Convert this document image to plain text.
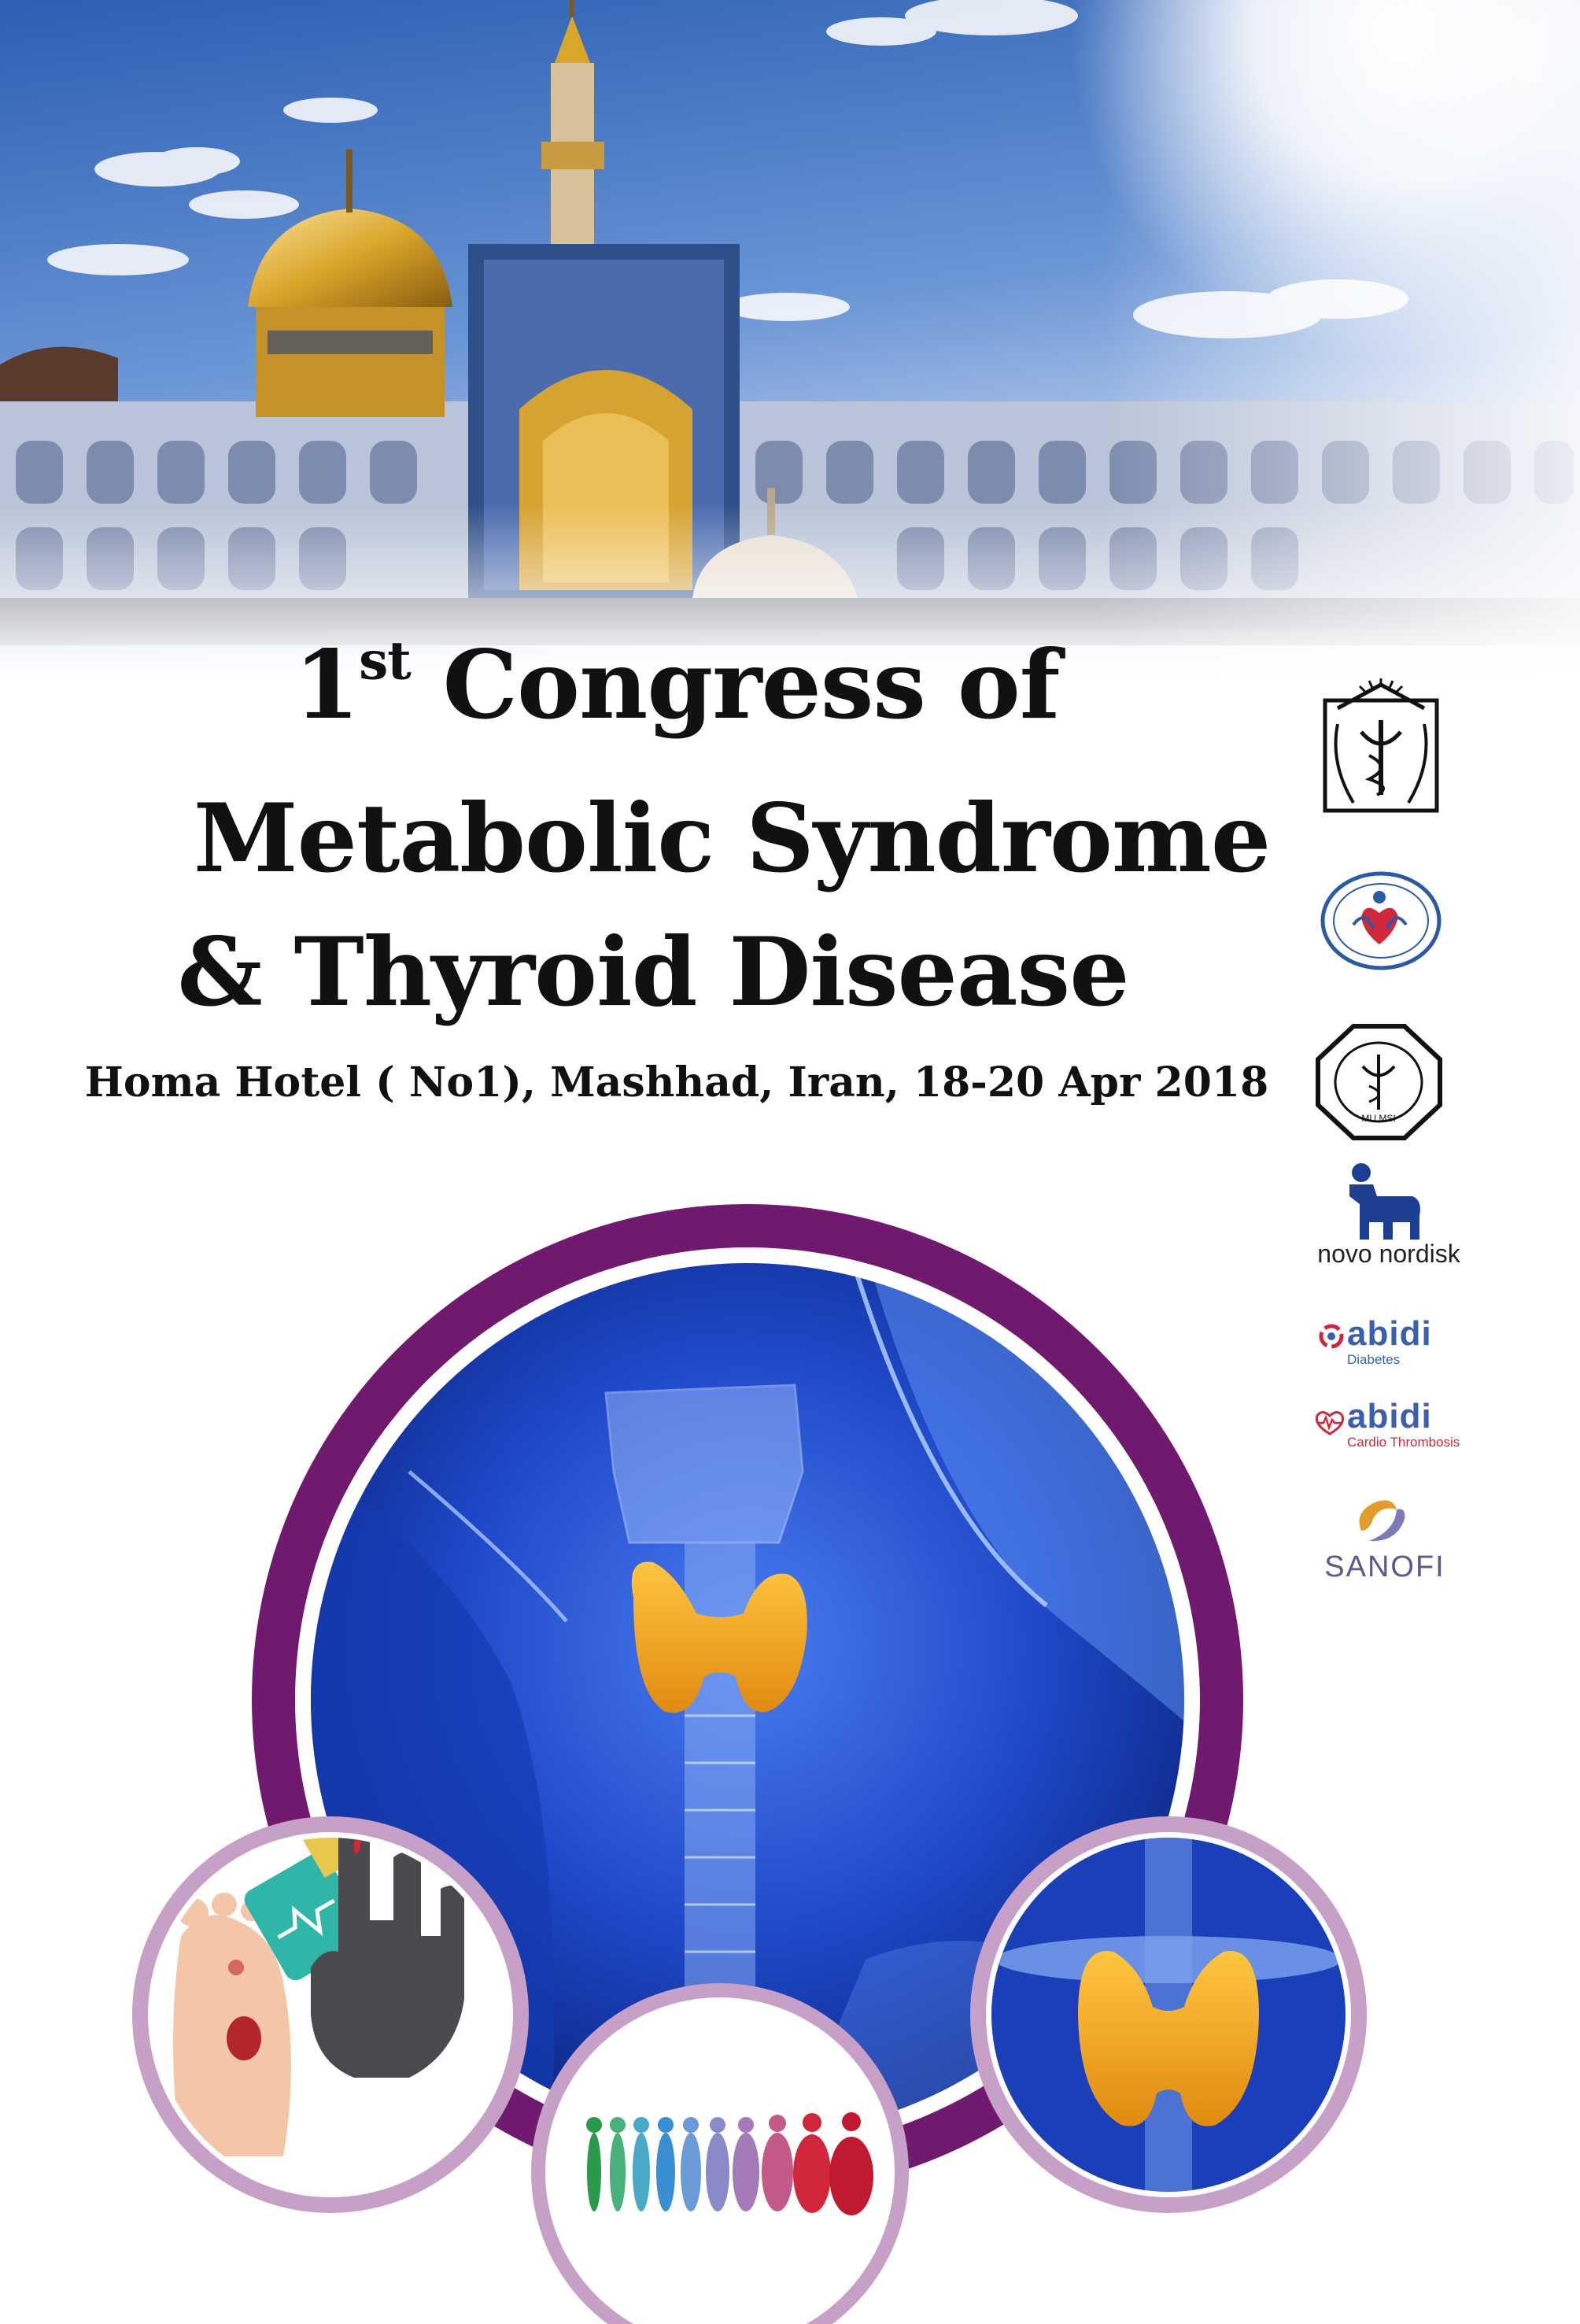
1st Congress of
Metabolic Syndrome
& Thyroid Disease
Homa Hotel ( No1), Mashhad, Iran, 18-20 Apr 2018
MU MSI
novo nordisk
abidi
Diabetes
abidi
Cardio Thrombosis
SANOFI
